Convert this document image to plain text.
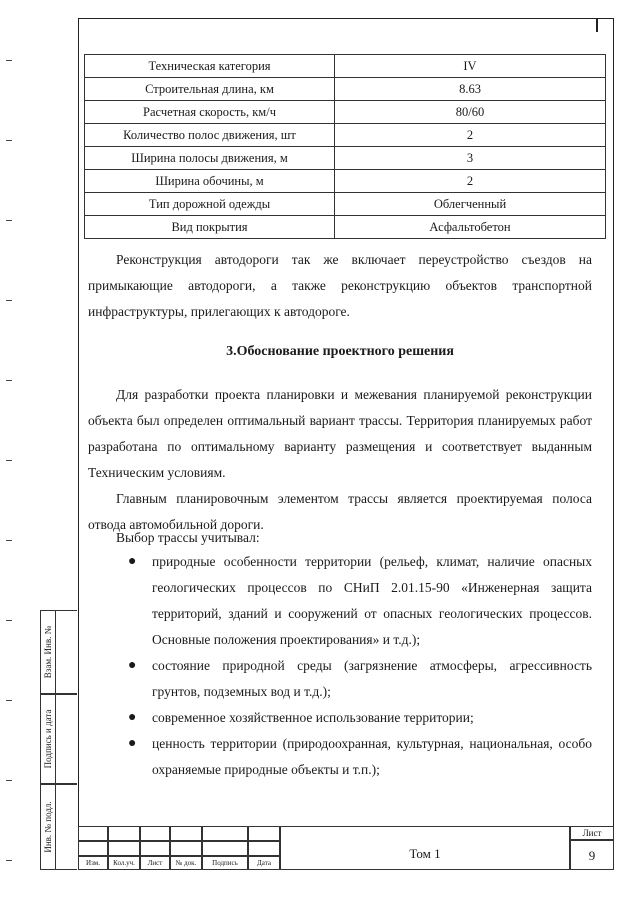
Техническая категория	IV
Строительная длина, км	8.63
Расчетная скорость, км/ч	80/60
Количество полос движения, шт	2
Ширина полосы движения, м	3
Ширина обочины, м	2
Тип дорожной одежды	Облегченный
Вид покрытия	Асфальтобетон

Реконструкция автодороги так же включает переустройство съездов на примыкающие автодороги, а также реконструкцию объектов транспортной инфраструктуры, прилегающих к автодороге.

3.Обоснование проектного решения

Для разработки проекта планировки и межевания планируемой реконструкции объекта был определен оптимальный вариант трассы. Территория планируемых работ разработана по оптимальному варианту размещения и соответствует выданным Техническим условиям.

Главным планировочным элементом трассы является проектируемая полоса отвода автомобильной дороги.

Выбор трассы учитывал:

● природные особенности территории (рельеф, климат, наличие опасных геологических процессов по СНиП 2.01.15-90 «Инженерная защита территорий, зданий и сооружений от опасных геологических процессов. Основные положения проектирования» и т.д.);
● состояние природной среды (загрязнение атмосферы, агрессивность грунтов, подземных вод и т.д.);
● современное хозяйственное использование территории;
● ценность территории (природоохранная, культурная, национальная, особо охраняемые природные объекты и т.п.);
Взам. Инв. №
Подпись и дата
Инв. № подл.
Изм.	Кол.уч.	Лист	№ док.	Подпись	Дата
Том 1
Лист
9
